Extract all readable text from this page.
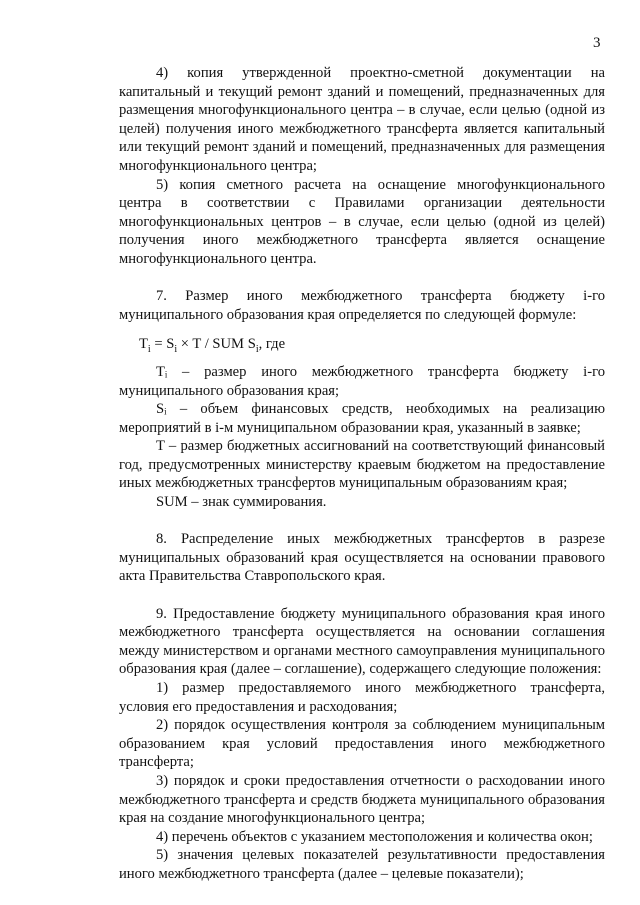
3

4) копия утвержденной проектно-сметной документации на капитальный и текущий ремонт зданий и помещений, предназначенных для размещения многофункционального центра – в случае, если целью (одной из целей) получения иного межбюджетного трансферта является капитальный или текущий ремонт зданий и помещений, предназначенных для размещения многофункционального центра;

5) копия сметного расчета на оснащение многофункционального центра в соответствии с Правилами организации деятельности многофункциональных центров – в случае, если целью (одной из целей) получения иного межбюджетного трансферта является оснащение многофункционального центра.

7. Размер иного межбюджетного трансферта бюджету i-го муниципального образования края определяется по следующей формуле:

$T_i = S_i \times T$ / SUM $S_i$, где

Tᵢ – размер иного межбюджетного трансферта бюджету i-го муниципального образования края;

Sᵢ – объем финансовых средств, необходимых на реализацию мероприятий в i-м муниципальном образовании края, указанный в заявке;

T – размер бюджетных ассигнований на соответствующий финансовый год, предусмотренных министерству краевым бюджетом на предоставление иных межбюджетных трансфертов муниципальным образованиям края;

SUM – знак суммирования.

8. Распределение иных межбюджетных трансфертов в разрезе муниципальных образований края осуществляется на основании правового акта Правительства Ставропольского края.

9. Предоставление бюджету муниципального образования края иного межбюджетного трансферта осуществляется на основании соглашения между министерством и органами местного самоуправления муниципального образования края (далее – соглашение), содержащего следующие положения:

1) размер предоставляемого иного межбюджетного трансферта, условия его предоставления и расходования;

2) порядок осуществления контроля за соблюдением муниципальным образованием края условий предоставления иного межбюджетного трансферта;

3) порядок и сроки предоставления отчетности о расходовании иного межбюджетного трансферта и средств бюджета муниципального образования края на создание многофункционального центра;

4) перечень объектов с указанием местоположения и количества окон;

5) значения целевых показателей результативности предоставления иного межбюджетного трансферта (далее – целевые показатели);
